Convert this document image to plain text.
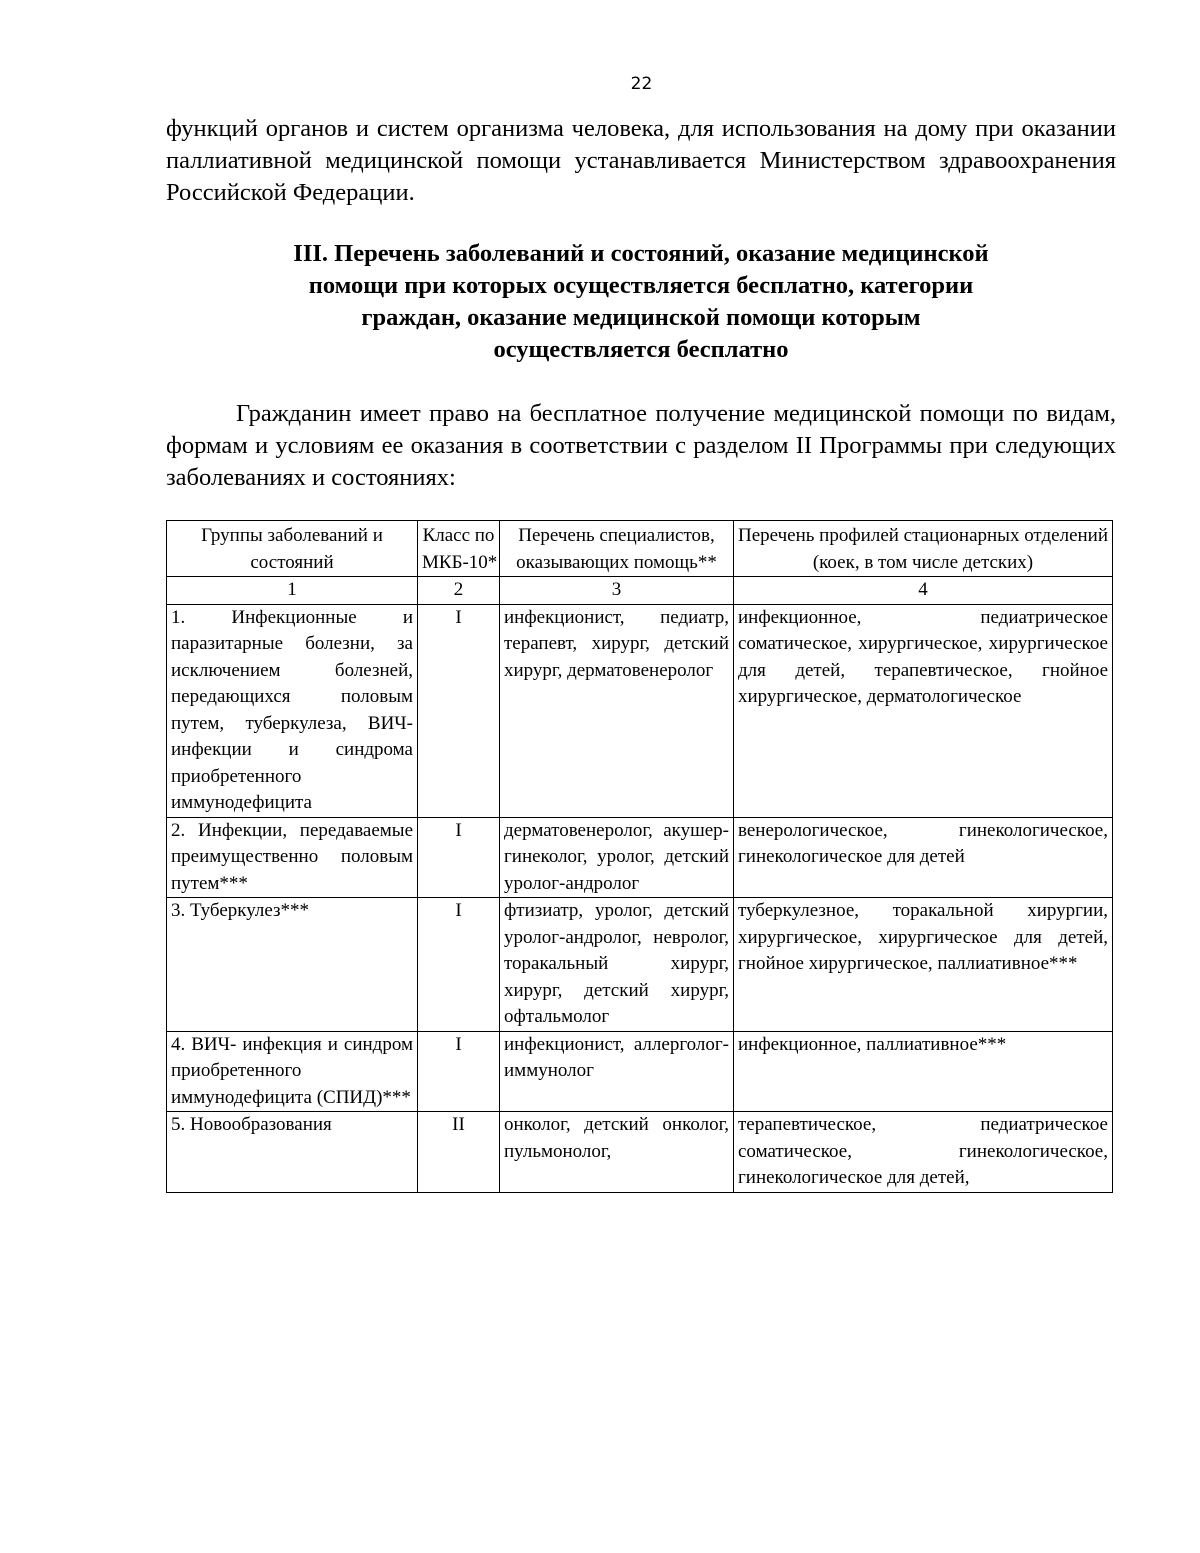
22

функций органов и систем организма человека, для использования на дому при оказании паллиативной медицинской помощи устанавливается Министерством здравоохранения Российской Федерации.

III. Перечень заболеваний и состояний, оказание медицинской
помощи при которых осуществляется бесплатно, категории
граждан, оказание медицинской помощи которым
осуществляется бесплатно

Гражданин имеет право на бесплатное получение медицинской помощи по видам, формам и условиям ее оказания в соответствии с разделом II Программы при следующих заболеваниях и состояниях:

Группы заболеваний и состояний	Класс по МКБ-10*	Перечень специалистов, оказывающих помощь**	Перечень профилей стационарных отделений (коек, в том числе детских)
1	2	3	4
1. Инфекционные и паразитарные болезни, за исключением болезней, передающихся половым путем, туберкулеза, ВИЧ-инфекции и синдрома приобретенного иммунодефицита	I	инфекционист, педиатр, терапевт, хирург, детский хирург, дерматовенеролог	инфекционное, педиатрическое соматическое, хирургическое, хирургическое для детей, терапевтическое, гнойное хирургическое, дерматологическое
2. Инфекции, передаваемые преимущественно половым путем***	I	дерматовенеролог, акушер-гинеколог, уролог, детский уролог-андролог	венерологическое, гинекологическое, гинекологическое для детей
3. Туберкулез***	I	фтизиатр, уролог, детский уролог-андролог, невролог, торакальный хирург, хирург, детский хирург, офтальмолог	туберкулезное, торакальной хирургии, хирургическое, хирургическое для детей, гнойное хирургическое, паллиативное***
4. ВИЧ- инфекция и синдром приобретенного иммунодефицита (СПИД)***	I	инфекционист, аллерголог-иммунолог	инфекционное, паллиативное***
5. Новообразования	II	онколог, детский онколог, пульмонолог,	терапевтическое, педиатрическое соматическое, гинекологическое, гинекологическое для детей,
